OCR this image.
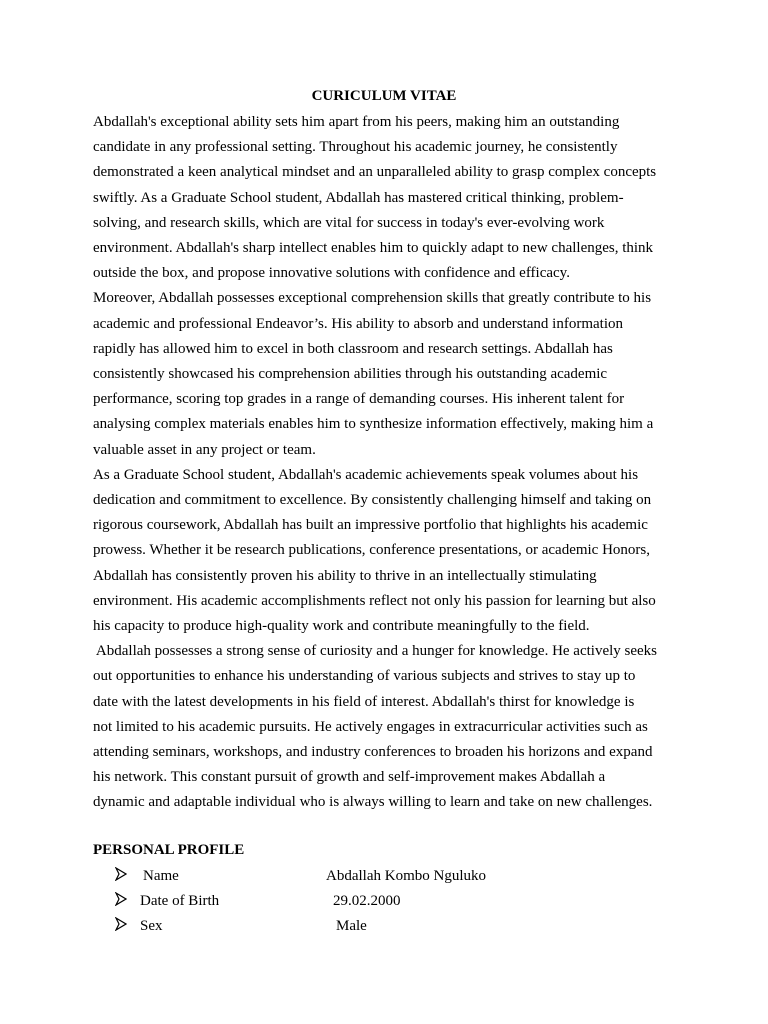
CURICULUM VITAE

Abdallah's exceptional ability sets him apart from his peers, making him an outstanding
candidate in any professional setting. Throughout his academic journey, he consistently
demonstrated a keen analytical mindset and an unparalleled ability to grasp complex concepts
swiftly. As a Graduate School student, Abdallah has mastered critical thinking, problem-
solving, and research skills, which are vital for success in today's ever-evolving work
environment. Abdallah's sharp intellect enables him to quickly adapt to new challenges, think
outside the box, and propose innovative solutions with confidence and efficacy.

Moreover, Abdallah possesses exceptional comprehension skills that greatly contribute to his
academic and professional Endeavor’s. His ability to absorb and understand information
rapidly has allowed him to excel in both classroom and research settings. Abdallah has
consistently showcased his comprehension abilities through his outstanding academic
performance, scoring top grades in a range of demanding courses. His inherent talent for
analysing complex materials enables him to synthesize information effectively, making him a
valuable asset in any project or team.

As a Graduate School student, Abdallah's academic achievements speak volumes about his
dedication and commitment to excellence. By consistently challenging himself and taking on
rigorous coursework, Abdallah has built an impressive portfolio that highlights his academic
prowess. Whether it be research publications, conference presentations, or academic Honors,
Abdallah has consistently proven his ability to thrive in an intellectually stimulating
environment. His academic accomplishments reflect not only his passion for learning but also
his capacity to produce high-quality work and contribute meaningfully to the field.

Abdallah possesses a strong sense of curiosity and a hunger for knowledge. He actively seeks
out opportunities to enhance his understanding of various subjects and strives to stay up to
date with the latest developments in his field of interest. Abdallah's thirst for knowledge is
not limited to his academic pursuits. He actively engages in extracurricular activities such as
attending seminars, workshops, and industry conferences to broaden his horizons and expand
his network. This constant pursuit of growth and self-improvement makes Abdallah a
dynamic and adaptable individual who is always willing to learn and take on new challenges.

PERSONAL PROFILE
Name	Abdallah Kombo Nguluko
Date of Birth	29.02.2000
Sex	Male
